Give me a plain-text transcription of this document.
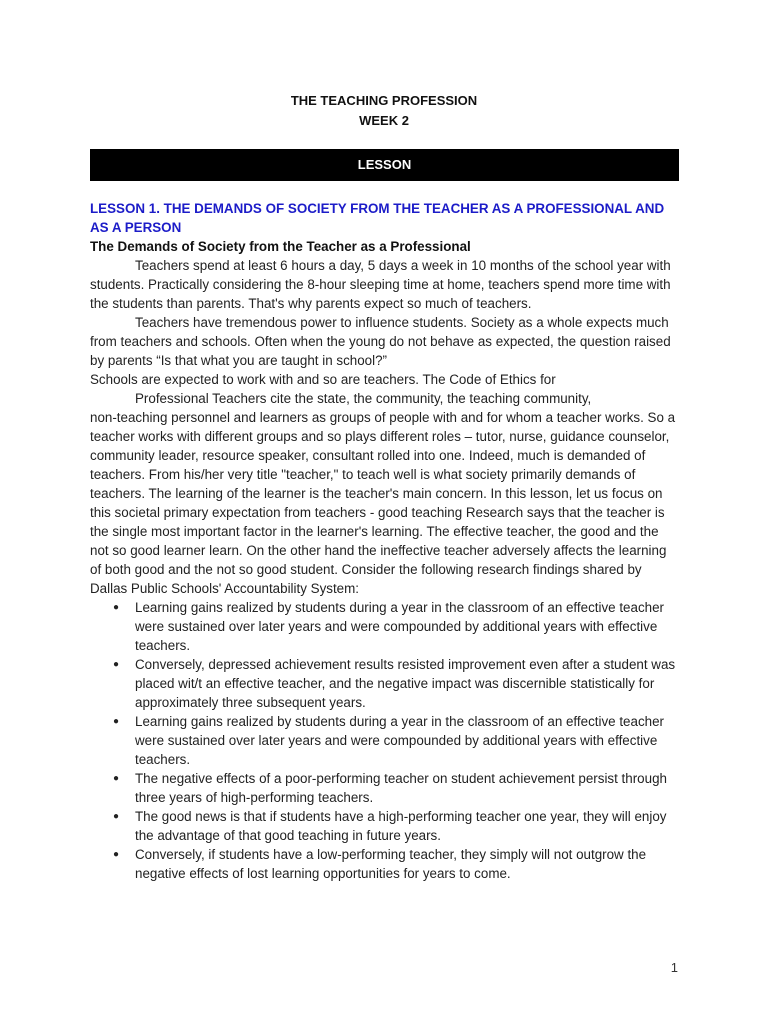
THE TEACHING PROFESSION
WEEK 2
LESSON

LESSON 1. THE DEMANDS OF SOCIETY FROM THE TEACHER AS A PROFESSIONAL AND AS A PERSON

The Demands of Society from the Teacher as a Professional

Teachers spend at least 6 hours a day, 5 days a week in 10 months of the school year with students. Practically considering the 8-hour sleeping time at home, teachers spend more time with the students than parents. That's why parents expect so much of teachers.

Teachers have tremendous power to influence students. Society as a whole expects much from teachers and schools. Often when the young do not behave as expected, the question raised by parents “Is that what you are taught in school?”

Schools are expected to work with and so are teachers. The Code of Ethics for

Professional Teachers cite the state, the community, the teaching community,

non-teaching personnel and learners as groups of people with and for whom a teacher works. So a teacher works with different groups and so plays different roles – tutor, nurse, guidance counselor, community leader, resource speaker, consultant rolled into one. Indeed, much is demanded of teachers. From his/her very title "teacher," to teach well is what society primarily demands of teachers. The learning of the learner is the teacher's main concern. In this lesson, let us focus on this societal primary expectation from teachers - good teaching Research says that the teacher is the single most important factor in the learner's learning. The effective teacher, the good and the not so good learner learn. On the other hand the ineffective teacher adversely affects the learning of both good and the not so good student. Consider the following research findings shared by Dallas Public Schools' Accountability System:

● Learning gains realized by students during a year in the classroom of an effective teacher were sustained over later years and were compounded by additional years with effective teachers.
● Conversely, depressed achievement results resisted improvement even after a student was placed wit/t an effective teacher, and the negative impact was discernible statistically for approximately three subsequent years.
● Learning gains realized by students during a year in the classroom of an effective teacher were sustained over later years and were compounded by additional years with effective teachers.
● The negative effects of a poor-performing teacher on student achievement persist through three years of high-performing teachers.
● The good news is that if students have a high-performing teacher one year, they will enjoy the advantage of that good teaching in future years.
● Conversely, if students have a low-performing teacher, they simply will not outgrow the negative effects of lost learning opportunities for years to come.
1
